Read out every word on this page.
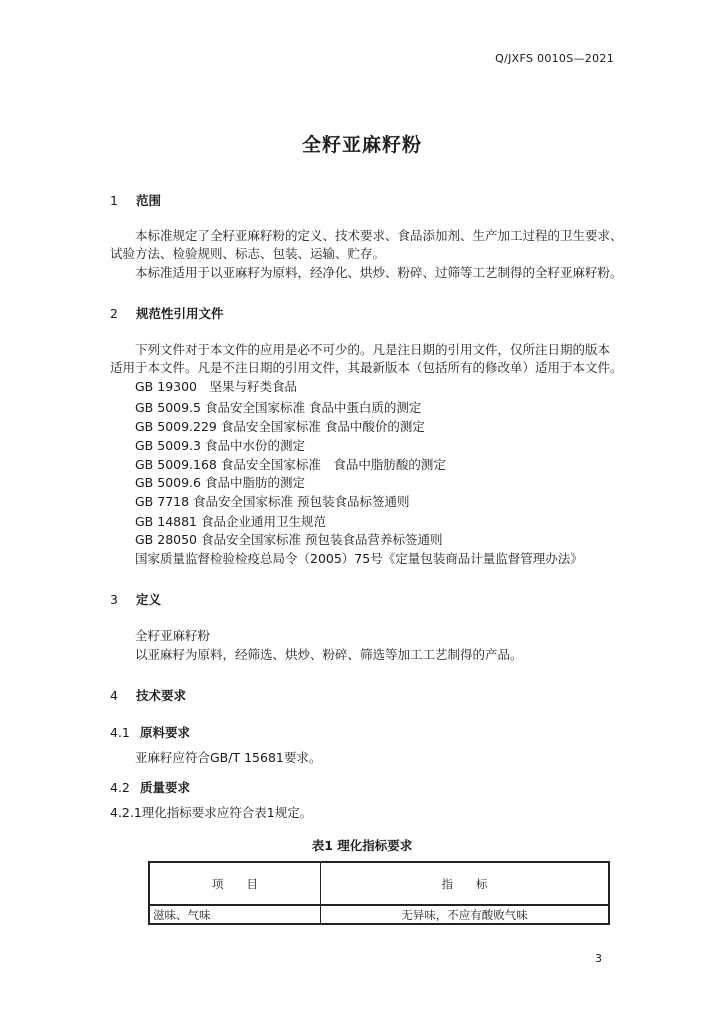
Q/JXFS 0010S—2021
全籽亚麻籽粉
1 范围
本标准规定了全籽亚麻籽粉的定义、技术要求、食品添加剂、生产加工过程的卫生要求、
试验方法、检验规则、标志、包装、运输、贮存。
本标准适用于以亚麻籽为原料，经净化、烘炒、粉碎、过筛等工艺制得的全籽亚麻籽粉。
2 规范性引用文件
下列文件对于本文件的应用是必不可少的。凡是注日期的引用文件，仅所注日期的版本
适用于本文件。凡是不注日期的引用文件，其最新版本（包括所有的修改单）适用于本文件。
GB 19300　坚果与籽类食品
GB 5009.5 食品安全国家标准 食品中蛋白质的测定
GB 5009.229 食品安全国家标准 食品中酸价的测定
GB 5009.3 食品中水份的测定
GB 5009.168 食品安全国家标准　食品中脂肪酸的测定
GB 5009.6 食品中脂肪的测定
GB 7718 食品安全国家标准 预包装食品标签通则
GB 14881 食品企业通用卫生规范
GB 28050 食品安全国家标准 预包装食品营养标签通则
国家质量监督检验检疫总局令（2005）75号《定量包装商品计量监督管理办法》
3 定义
全籽亚麻籽粉
以亚麻籽为原料，经筛选、烘炒、粉碎、筛选等加工工艺制得的产品。
4 技术要求
4.1 原料要求
亚麻籽应符合GB/T 15681要求。
4.2 质量要求
4.2.1理化指标要求应符合表1规定。
表1 理化指标要求
项　　目	指　　标
滋味、气味	无异味，不应有酸败气味
3
